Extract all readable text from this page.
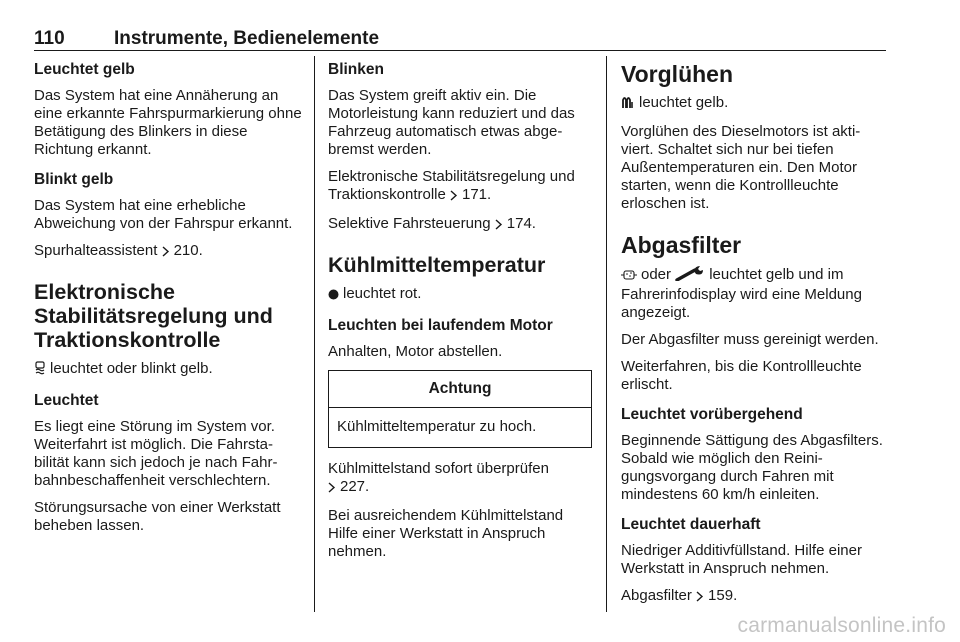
110	Instrumente, Bedienelemente
Leuchtet gelb

Das System hat eine Annäherung an eine erkannte Fahrspurmarkierung ohne Betätigung des Blinkers in diese Richtung erkannt.

Blinkt gelb

Das System hat eine erhebliche Abweichung von der Fahrspur erkannt.

Spurhalteassistent 210.

Elektronische Stabilitätsregelung und Traktionskontrolle

leuchtet oder blinkt gelb.

Leuchtet

Es liegt eine Störung im System vor. Weiterfahrt ist möglich. Die Fahrstabilität kann sich jedoch je nach Fahrbahnbeschaffenheit verschlechtern.

Störungsursache von einer Werkstatt beheben lassen.

Blinken

Das System greift aktiv ein. Die Motorleistung kann reduziert und das Fahrzeug automatisch etwas abgebremst werden.

Elektronische Stabilitätsregelung und Traktionskontrolle 171.

Selektive Fahrsteuerung 174.

Kühlmitteltemperatur

leuchtet rot.

Leuchten bei laufendem Motor

Anhalten, Motor abstellen.

Achtung
Kühlmitteltemperatur zu hoch.

Kühlmittelstand sofort überprüfen
227.

Bei ausreichendem Kühlmittelstand Hilfe einer Werkstatt in Anspruch nehmen.

Vorglühen

leuchtet gelb.

Vorglühen des Dieselmotors ist aktiviert. Schaltet sich nur bei tiefen Außentemperaturen ein. Den Motor starten, wenn die Kontrollleuchte erloschen ist.

Abgasfilter

oder	leuchtet gelb und im Fahrerinfodisplay wird eine Meldung angezeigt.

Der Abgasfilter muss gereinigt werden.

Weiterfahren, bis die Kontrollleuchte erlischt.

Leuchtet vorübergehend

Beginnende Sättigung des Abgasfilters. Sobald wie möglich den Reinigungsvorgang durch Fahren mit mindestens 60 km/h einleiten.

Leuchtet dauerhaft

Niedriger Additivfüllstand. Hilfe einer Werkstatt in Anspruch nehmen.

Abgasfilter 159.

carmanualsonline.info
